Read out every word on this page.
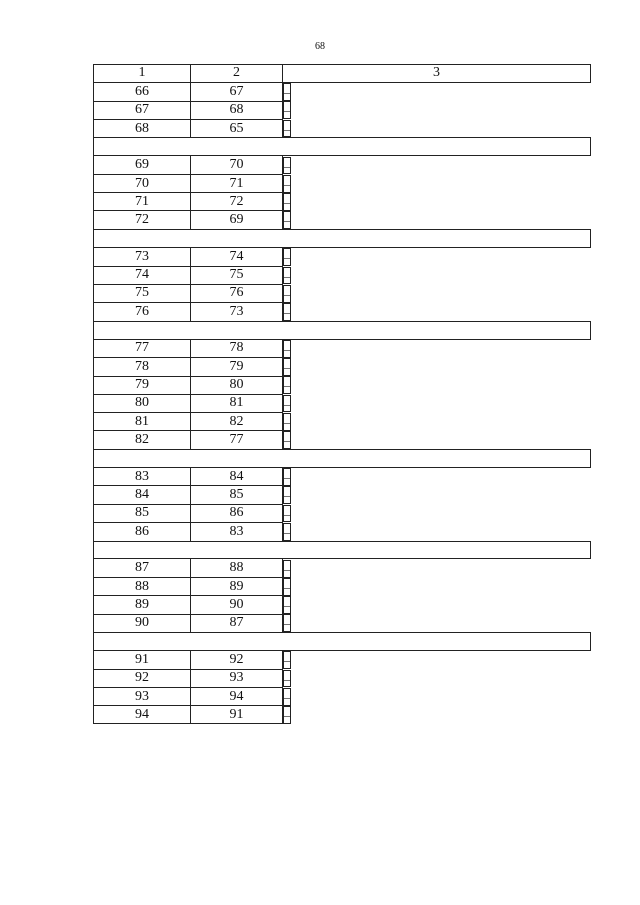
68
1	2	3
66	67		–
67	68		–
68	65		–

69	70		–
70	71		–
71	72		–
72	69		–

73	74		–
74	75		–
75	76		–
76	73		–

77	78		–
78	79		–
79	80		–
80	81		–
81	82		–
82	77		–

83	84		–
84	85		–
85	86		–
86	83		–

87	88		–
88	89		–
89	90		–
90	87		–

91	92		–
92	93		–
93	94		–
94	91		–
